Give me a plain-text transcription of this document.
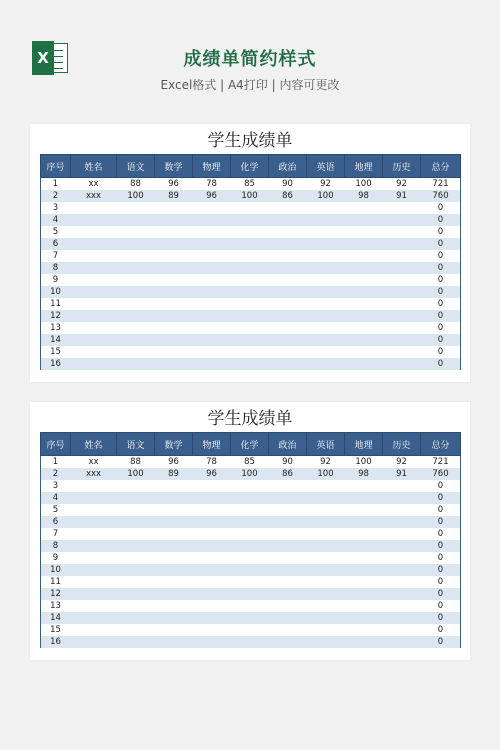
X	成绩单简约样式
Excel格式 | A4打印 | 内容可更改
学生成绩单
序号	姓名	语文	数学	物理	化学	政治	英语	地理	历史	总分
1	xx	88	96	78	85	90	92	100	92	721
2	xxx	100	89	96	100	86	100	98	91	760
3										0
4										0
5										0
6										0
7										0
8										0
9										0
10										0
11										0
12										0
13										0
14										0
15										0
16										0
学生成绩单
序号	姓名	语文	数学	物理	化学	政治	英语	地理	历史	总分
1	xx	88	96	78	85	90	92	100	92	721
2	xxx	100	89	96	100	86	100	98	91	760
3										0
4										0
5										0
6										0
7										0
8										0
9										0
10										0
11										0
12										0
13										0
14										0
15										0
16										0
